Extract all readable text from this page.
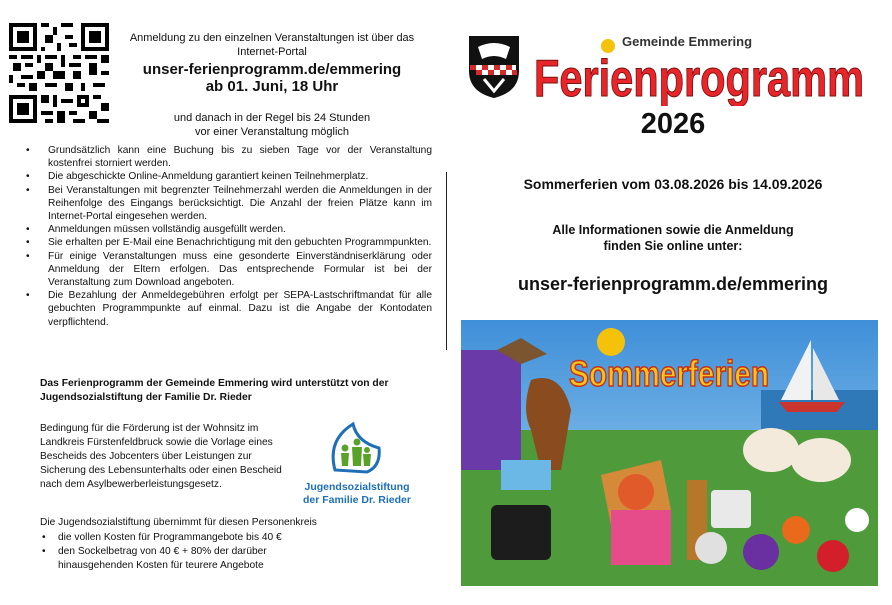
Anmeldung zu den einzelnen Veranstaltungen ist über das Internet-Portal
unser-ferienprogramm.de/emmering
ab 01. Juni, 18 Uhr
und danach in der Regel bis 24 Stunden
vor einer Veranstaltung möglich
• Grundsätzlich kann eine Buchung bis zu sieben Tage vor der Veranstaltung kostenfrei storniert werden.
• Die abgeschickte Online-Anmeldung garantiert keinen Teilnehmerplatz.
• Bei Veranstaltungen mit begrenzter Teilnehmerzahl werden die Anmeldungen in der Reihenfolge des Eingangs berücksichtigt. Die Anzahl der freien Plätze kann im Internet-Portal eingesehen werden.
• Anmeldungen müssen vollständig ausgefüllt werden.
• Sie erhalten per E-Mail eine Benachrichtigung mit den gebuchten Programmpunkten.
• Für einige Veranstaltungen muss eine gesonderte Einverständniserklärung oder Anmeldung der Eltern erfolgen. Das entsprechende Formular ist bei der Veranstaltung zum Download angeboten.
• Die Bezahlung der Anmeldegebühren erfolgt per SEPA-Lastschriftmandat für alle gebuchten Programmpunkte auf einmal. Dazu ist die Angabe der Kontodaten verpflichtend.
Das Ferienprogramm der Gemeinde Emmering wird unterstützt von der Jugendsozialstiftung der Familie Dr. Rieder
Bedingung für die Förderung ist der Wohnsitz im Landkreis Fürstenfeldbruck sowie die Vorlage eines Bescheids des Jobcenters über Leistungen zur Sicherung des Lebensunterhalts oder einen Bescheid nach dem Asylbewerberleistungsgesetz.	Jugendsozialstiftung
der Familie Dr. Rieder
Die Jugendsozialstiftung übernimmt für diesen Personenkreis
• die vollen Kosten für Programmangebote bis 40 €
• den Sockelbetrag von 40 € + 80% der darüber
hinausgehenden Kosten für teurere Angebote
Gemeinde Emmering
Ferienprogramm
2026
Sommerferien vom 03.08.2026 bis 14.09.2026
Alle Informationen sowie die Anmeldung
finden Sie online unter:
unser-ferienprogramm.de/emmering
Sommerferien
